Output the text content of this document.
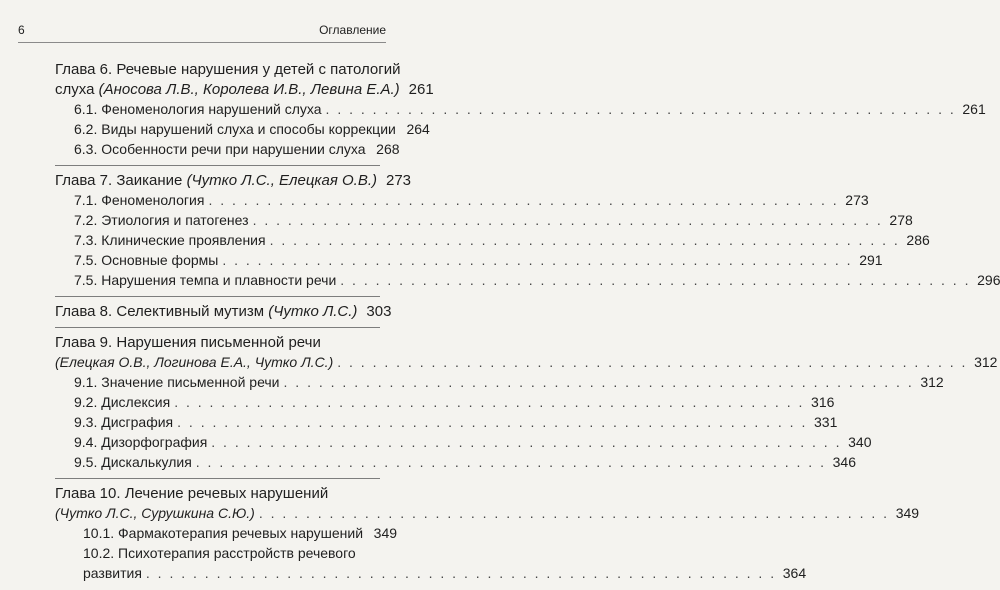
6	Оглавление
Глава 6. Речевые нарушения у детей с патологий
слуха
(Аносова Л.В., Королева И.В., Левина Е.А.) 261
6.1. Феноменология нарушений слуха . . .	261
6.2. Виды нарушений слуха и способы коррекции 264
6.3. Особенности речи при нарушении слуха 268
Глава 7. Заикание
(Чутко Л.С., Елецкая О.В.) 273
7.1. Феноменология . . .	273
7.2. Этиология и патогенез . . .	278
7.3. Клинические проявления . . .	286
7.5. Основные формы . . .	291
7.5. Нарушения темпа и плавности речи . . .	296
Глава 8. Селективный мутизм
(Чутко Л.С.) 303
Глава 9. Нарушения письменной речи
(Елецкая О.В., Логинова Е.А., Чутко Л.С.) . . .	312
9.1. Значение письменной речи . . .	312
9.2. Дислексия . . .	316
9.3. Дисграфия . . .	331
9.4. Дизорфография . . .	340
9.5. Дискалькулия . . .	346
Глава 10. Лечение речевых нарушений
(Чутко Л.С., Сурушкина С.Ю.) . . .	349
10.1. Фармакотерапия речевых нарушений 349
10.2. Психотерапия расстройств речевого
развития . . .	364
